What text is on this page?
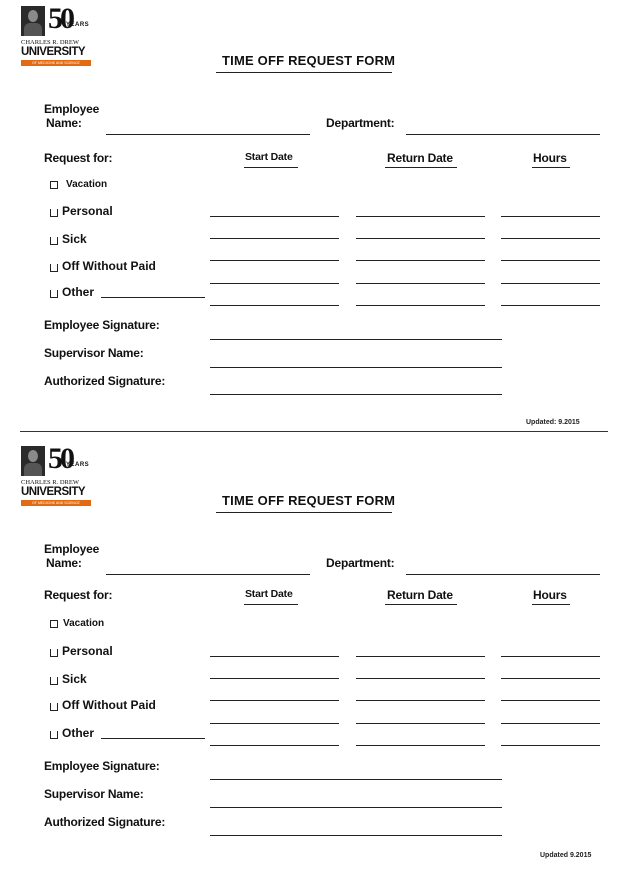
50
YEARS
CHARLES R. DREW
UNIVERSITY
OF MEDICINE AND SCIENCE	TIME OFF REQUEST FORM
Employee
Name:	Department:
Request for:	Start Date	Return Date	Hours
Vacation
Personal
Sick
Off Without Paid
Other
Employee Signature:
Supervisor Name:
Authorized Signature:
Updated: 9.2015
50
YEARS
CHARLES R. DREW
UNIVERSITY
OF MEDICINE AND SCIENCE	TIME OFF REQUEST FORM
Employee
Name:	Department:
Request for:	Start Date	Return Date	Hours
Vacation
Personal
Sick
Off Without Paid
Other
Employee Signature:
Supervisor Name:
Authorized Signature:
Updated 9.2015
